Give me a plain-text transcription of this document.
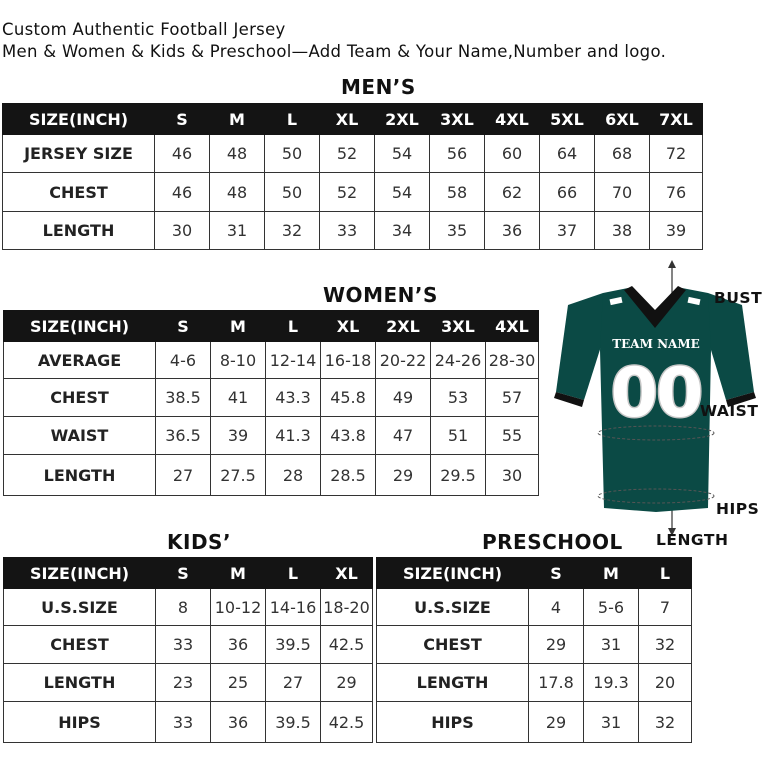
Custom Authentic Football Jersey
Men & Women & Kids & Preschool—Add Team & Your Name,Number and logo.
MEN’S
SIZE(INCH)	S	M	L	XL	2XL	3XL	4XL	5XL	6XL	7XL
JERSEY SIZE	46	48	50	52	54	56	60	64	68	72
CHEST	46	48	50	52	54	58	62	66	70	76
LENGTH	30	31	32	33	34	35	36	37	38	39
WOMEN’S
SIZE(INCH)	S	M	L	XL	2XL	3XL	4XL
AVERAGE	4-6	8-10	12-14	16-18	20-22	24-26	28-30
CHEST	38.5	41	43.3	45.8	49	53	57
WAIST	36.5	39	41.3	43.8	47	51	55
LENGTH	27	27.5	28	28.5	29	29.5	30
KIDS’
SIZE(INCH)	S	M	L	XL
U.S.SIZE	8	10-12	14-16	18-20
CHEST	33	36	39.5	42.5
LENGTH	23	25	27	29
HIPS	33	36	39.5	42.5
PRESCHOOL
SIZE(INCH)	S	M	L
U.S.SIZE	4	5-6	7
CHEST	29	31	32
LENGTH	17.8	19.3	20
HIPS	29	31	32
TEAM NAME
00
BUST
WAIST
HIPS
LENGTH
